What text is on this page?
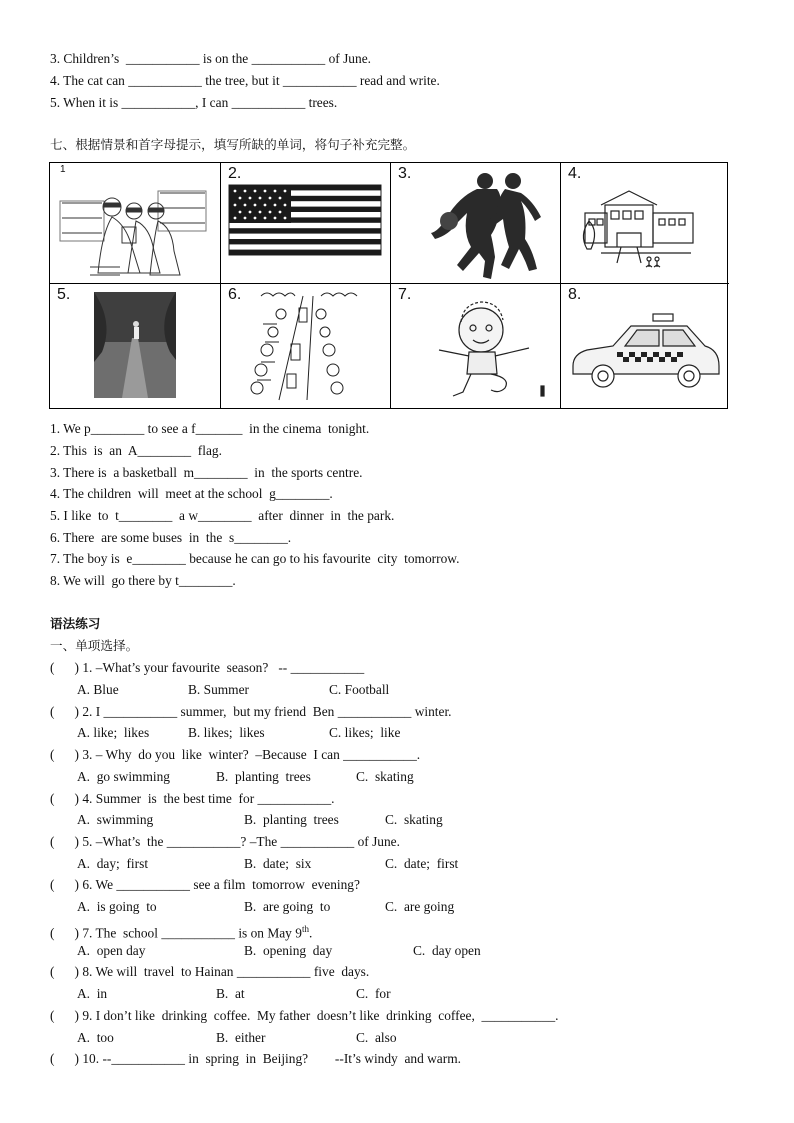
3. Children’s  ___________ is on the ___________ of June.
4. The cat can ___________ the tree, but it ___________ read and write.
5. When it is ___________, I can ___________ trees.
七、根据情景和首字母提示，填写所缺的单词，将句子补充完整。
1	2.	3.	4.
5.	6.	7.	8.
1. We p________ to see a f_______  in the cinema  tonight.
2. This  is  an  A________  flag.
3. There is  a basketball  m________  in  the sports centre.
4. The children  will  meet at the school  g________.
5. I like  to  t________  a w________  after  dinner  in  the park.
6. There  are some buses  in  the  s________.
7. The boy is  e________ because he can go to his favourite  city  tomorrow.
8. We will  go there by t________.
语法练习
一、单项选择。
(      ) 1. –What’s your favourite  season?   -- ___________
A. Blue	B. Summer	C. Football
(      ) 2. I ___________ summer,  but my friend  Ben ___________ winter.
A. like;  likes	B. likes;  likes	C. likes;  like
(      ) 3. – Why  do you  like  winter?  –Because  I can ___________.
A.  go swimming	B.  planting  trees	C.  skating
(      ) 4. Summer  is  the best time  for ___________.
A.  swimming	B.  planting  trees	C.  skating
(      ) 5. –What’s  the ___________? –The ___________ of June.
A.  day;  first	B.  date;  six	C.  date;  first
(      ) 6. We ___________ see a film  tomorrow  evening?
A.  is going  to	B.  are going  to	C.  are going
(      ) 7. The  school ___________ is on May 9th.
A.  open day	B.  opening  day	C.  day open
(      ) 8. We will  travel  to Hainan ___________ five  days.
A.  in	B.  at	C.  for
(      ) 9. I don’t like  drinking  coffee.  My father  doesn’t like  drinking  coffee,  ___________.
A.  too	B.  either	C.  also
(      ) 10. --___________ in  spring  in  Beijing?        --It’s windy  and warm.
